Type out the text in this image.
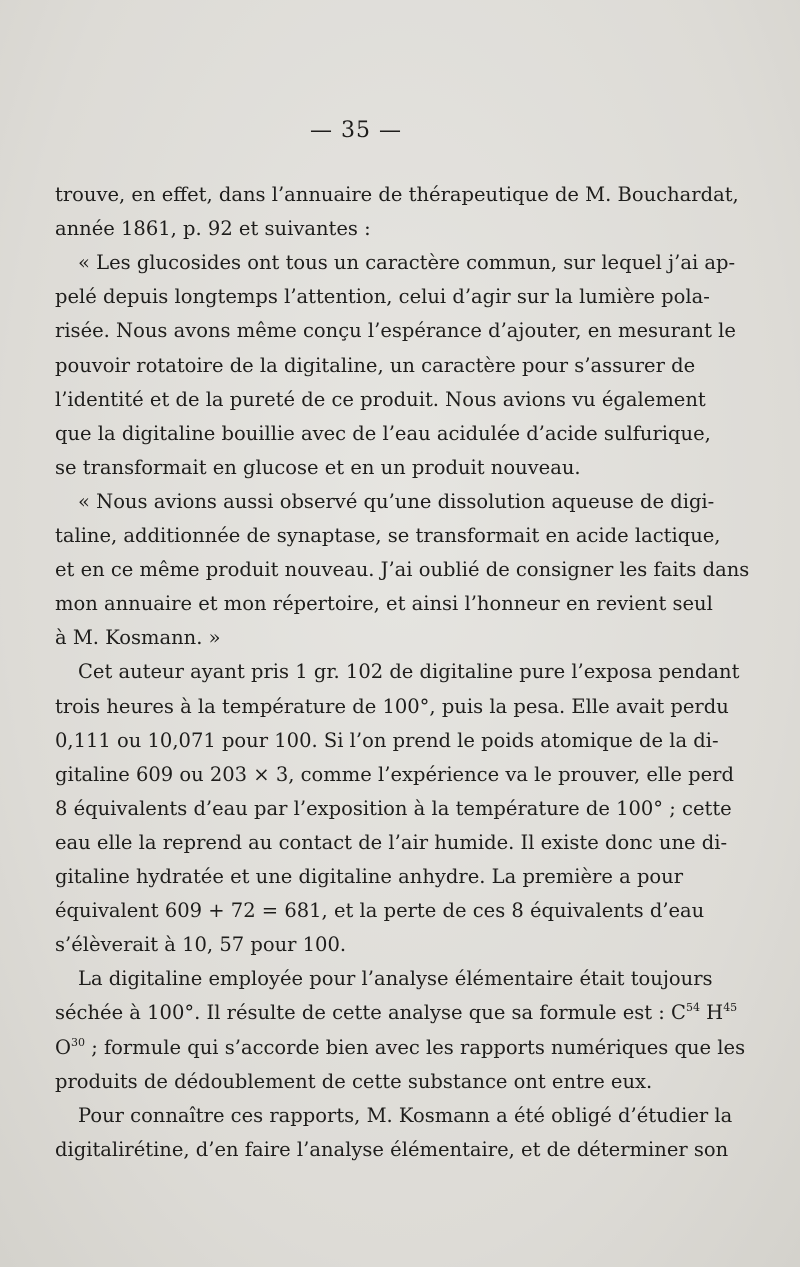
— 35 —
trouve, en effet, dans l’annuaire de thérapeutique de M. Bouchardat,
année 1861, p. 92 et suivantes :
« Les glucosides ont tous un caractère commun, sur lequel j’ai ap-
pelé depuis longtemps l’attention, celui d’agir sur la lumière pola-
risée. Nous avons même conçu l’espérance d’ajouter, en mesurant le
pouvoir rotatoire de la digitaline, un caractère pour s’assurer de
l’identité et de la pureté de ce produit. Nous avions vu également
que la digitaline bouillie avec de l’eau acidulée d’acide sulfurique,
se transformait en glucose et en un produit nouveau.
« Nous avions aussi observé qu’une dissolution aqueuse de digi-
taline, additionnée de synaptase, se transformait en acide lactique,
et en ce même produit nouveau. J’ai oublié de consigner les faits dans
mon annuaire et mon répertoire, et ainsi l’honneur en revient seul
à M. Kosmann. »
Cet auteur ayant pris 1 gr. 102 de digitaline pure l’exposa pendant
trois heures à la température de 100°, puis la pesa. Elle avait perdu
0,111 ou 10,071 pour 100. Si l’on prend le poids atomique de la di-
gitaline 609 ou 203 × 3, comme l’expérience va le prouver, elle perd
8 équivalents d’eau par l’exposition à la température de 100° ; cette
eau elle la reprend au contact de l’air humide. Il existe donc une di-
gitaline hydratée et une digitaline anhydre. La première a pour
équivalent 609 + 72 = 681, et la perte de ces 8 équivalents d’eau
s’élèverait à 10, 57 pour 100.
La digitaline employée pour l’analyse élémentaire était toujours
séchée à 100°. Il résulte de cette analyse que sa formule est : $C^{54}$ $H^{45}$
$O^{30}$ ; formule qui s’accorde bien avec les rapports numériques que les
produits de dédoublement de cette substance ont entre eux.
Pour connaître ces rapports, M. Kosmann a été obligé d’étudier la
digitalirétine, d’en faire l’analyse élémentaire, et de déterminer son
